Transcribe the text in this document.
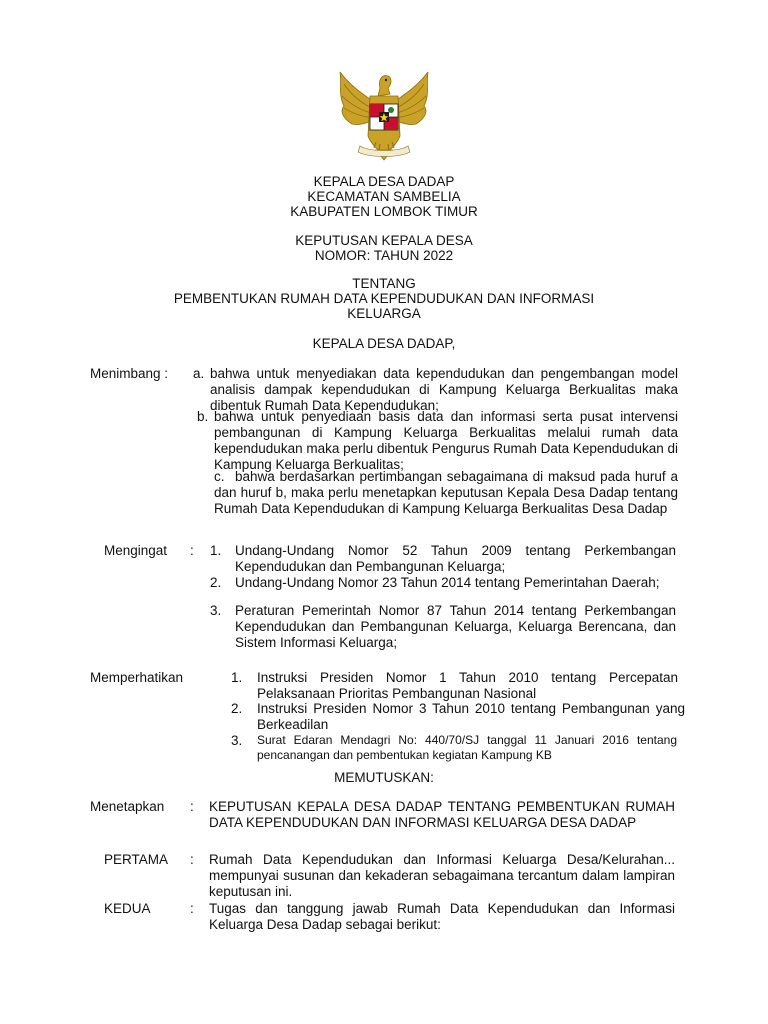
KEPALA DESA DADAP
KECAMATAN SAMBELIA
KABUPATEN LOMBOK TIMUR
KEPUTUSAN KEPALA DESA
NOMOR: TAHUN 2022
TENTANG
PEMBENTUKAN RUMAH DATA KEPENDUDUKAN DAN INFORMASI
KELUARGA
KEPALA DESA DADAP,
Menimbang : a. bahwa untuk menyediakan data kependudukan dan pengembangan model analisis dampak kependudukan di Kampung Keluarga Berkualitas maka dibentuk Rumah Data Kependudukan;
b. bahwa untuk penyediaan basis data dan informasi serta pusat intervensi pembangunan di Kampung Keluarga Berkualitas melalui rumah data kependudukan maka perlu dibentuk Pengurus Rumah Data Kependudukan di Kampung Keluarga Berkualitas;
c. bahwa berdasarkan pertimbangan sebagaimana di maksud pada huruf a dan huruf b, maka perlu menetapkan keputusan Kepala Desa Dadap tentang Rumah Data Kependudukan di Kampung Keluarga Berkualitas Desa Dadap
Mengingat : 1. Undang-Undang Nomor 52 Tahun 2009 tentang Perkembangan Kependudukan dan Pembangunan Keluarga;
2. Undang-Undang Nomor 23 Tahun 2014 tentang Pemerintahan Daerah;
3. Peraturan Pemerintah Nomor 87 Tahun 2014 tentang Perkembangan Kependudukan dan Pembangunan Keluarga, Keluarga Berencana, dan Sistem Informasi Keluarga;
Memperhatikan	1. Instruksi Presiden Nomor 1 Tahun 2010 tentang Percepatan Pelaksanaan Prioritas Pembangunan Nasional
2. Instruksi Presiden Nomor 3 Tahun 2010 tentang Pembangunan yang Berkeadilan
3. Surat Edaran Mendagri No: 440/70/SJ tanggal 11 Januari 2016 tentang pencanangan dan pembentukan kegiatan Kampung KB
MEMUTUSKAN:
Menetapkan : KEPUTUSAN KEPALA DESA DADAP TENTANG PEMBENTUKAN RUMAH DATA KEPENDUDUKAN DAN INFORMASI KELUARGA DESA DADAP
PERTAMA : Rumah Data Kependudukan dan Informasi Keluarga Desa/Kelurahan... mempunyai susunan dan kekaderan sebagaimana tercantum dalam lampiran keputusan ini.
KEDUA	: Tugas dan tanggung jawab Rumah Data Kependudukan dan Informasi Keluarga Desa Dadap sebagai berikut:
